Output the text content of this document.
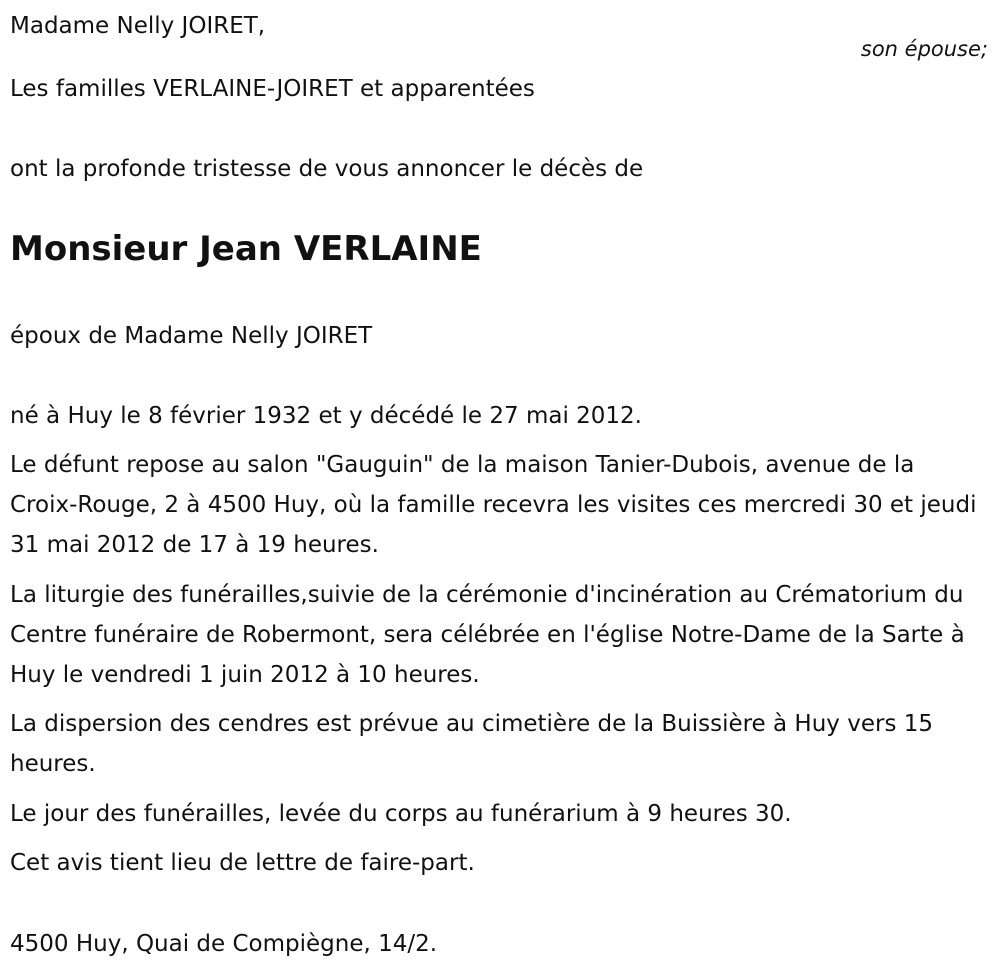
Madame Nelly JOIRET,

son épouse;

Les familles VERLAINE-JOIRET et apparentées

ont la profonde tristesse de vous annoncer le décès de

Monsieur Jean VERLAINE

époux de Madame Nelly JOIRET

né à Huy le 8 février 1932 et y décédé le 27 mai 2012.

Le défunt repose au salon "Gauguin" de la maison Tanier-Dubois, avenue de la Croix-Rouge, 2 à 4500 Huy, où la famille recevra les visites ces mercredi 30 et jeudi 31 mai 2012 de 17 à 19 heures.

La liturgie des funérailles,suivie de la cérémonie d'incinération au Crématorium du Centre funéraire de Robermont, sera célébrée en l'église Notre-Dame de la Sarte à Huy le vendredi 1 juin 2012 à 10 heures.

La dispersion des cendres est prévue au cimetière de la Buissière à Huy vers 15 heures.

Le jour des funérailles, levée du corps au funérarium à 9 heures 30.

Cet avis tient lieu de lettre de faire-part.

4500 Huy, Quai de Compiègne, 14/2.
